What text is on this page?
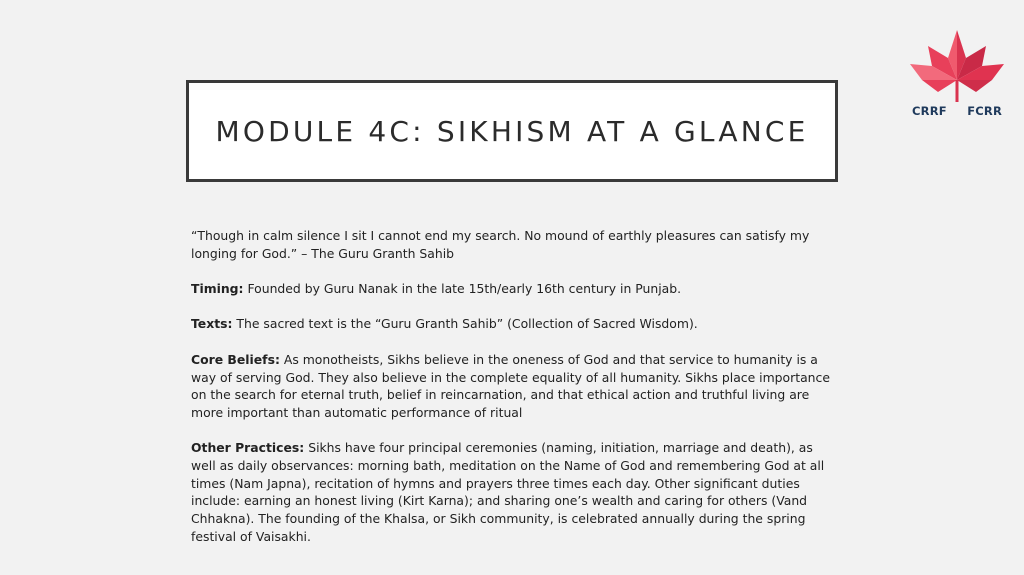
CRRF FCRR
MODULE 4C: SIKHISM AT A GLANCE

“Though in calm silence I sit I cannot end my search. No mound of earthly pleasures can satisfy my longing for God.” – The Guru Granth Sahib

Timing: Founded by Guru Nanak in the late 15th/early 16th century in Punjab.

Texts: The sacred text is the “Guru Granth Sahib” (Collection of Sacred Wisdom).

Core Beliefs: As monotheists, Sikhs believe in the oneness of God and that service to humanity is a way of serving God. They also believe in the complete equality of all humanity. Sikhs place importance on the search for eternal truth, belief in reincarnation, and that ethical action and truthful living are more important than automatic performance of ritual

Other Practices: Sikhs have four principal ceremonies (naming, initiation, marriage and death), as well as daily observances: morning bath, meditation on the Name of God and remembering God at all times (Nam Japna), recitation of hymns and prayers three times each day. Other significant duties include: earning an honest living (Kirt Karna); and sharing one’s wealth and caring for others (Vand Chhakna). The founding of the Khalsa, or Sikh community, is celebrated annually during the spring festival of Vaisakhi.
